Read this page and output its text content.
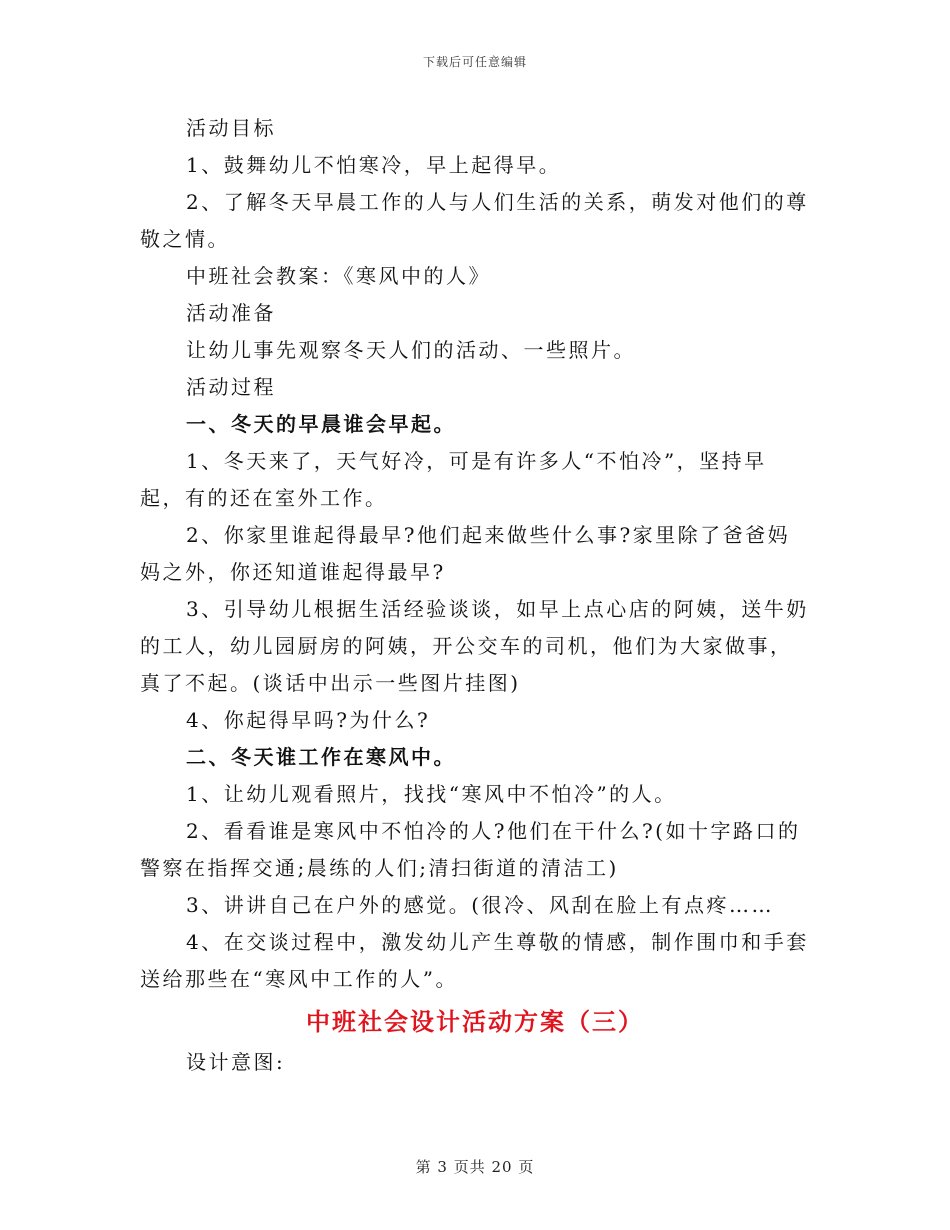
下载后可任意编辑

活动目标

1、鼓舞幼儿不怕寒冷，早上起得早。

2、了解冬天早晨工作的人与人们生活的关系，萌发对他们的尊敬之情。

中班社会教案：《寒风中的人》

活动准备

让幼儿事先观察冬天人们的活动、一些照片。

活动过程

一、冬天的早晨谁会早起。

1、冬天来了，天气好冷，可是有许多人“不怕冷”，坚持早起，有的还在室外工作。

2、你家里谁起得最早?他们起来做些什么事?家里除了爸爸妈妈之外，你还知道谁起得最早?

3、引导幼儿根据生活经验谈谈，如早上点心店的阿姨，送牛奶的工人，幼儿园厨房的阿姨，开公交车的司机，他们为大家做事，真了不起。(谈话中出示一些图片挂图)

4、你起得早吗?为什么?

二、冬天谁工作在寒风中。

1、让幼儿观看照片，找找“寒风中不怕冷”的人。

2、看看谁是寒风中不怕冷的人?他们在干什么?(如十字路口的警察在指挥交通;晨练的人们;清扫街道的清洁工)

3、讲讲自己在户外的感觉。(很冷、风刮在脸上有点疼……

4、在交谈过程中，激发幼儿产生尊敬的情感，制作围巾和手套送给那些在“寒风中工作的人”。

中班社会设计活动方案（三）

设计意图:

第 3 页共 20 页
